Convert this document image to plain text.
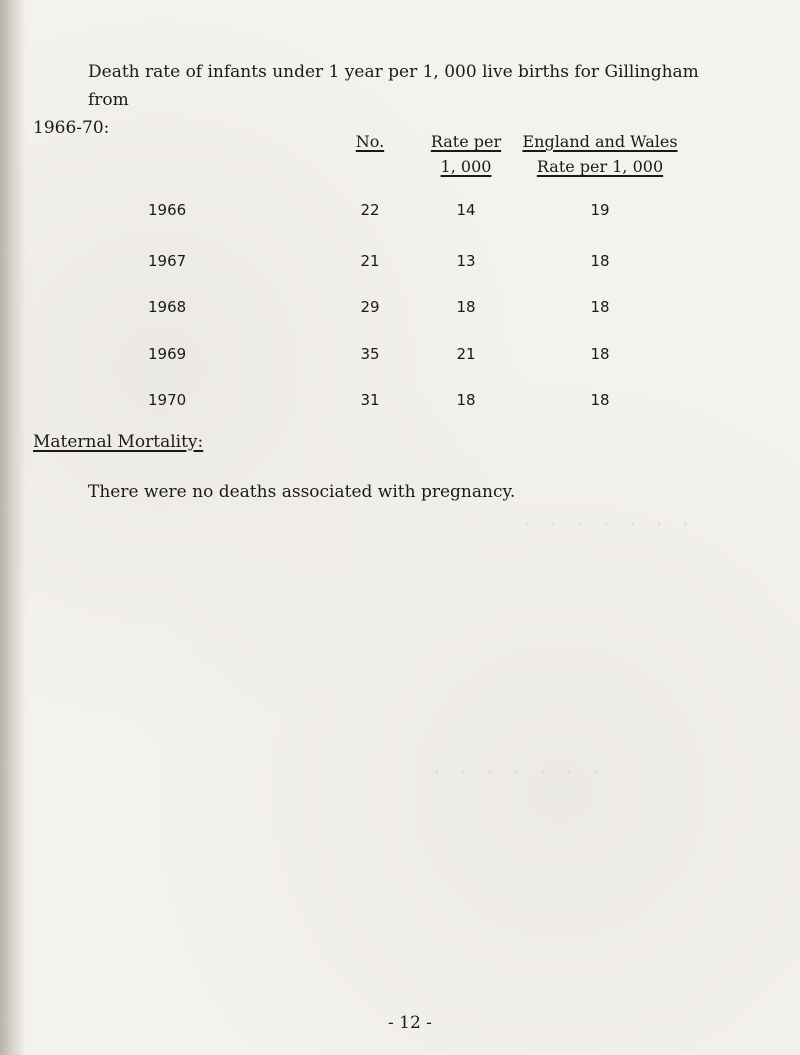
· · · · · · ·
· · · · · · ·
Death rate of infants under 1 year per 1, 000 live births for Gillingham from
1966-70:
No.	Rate per
1, 000
England and Wales
Rate per 1, 000
1966	22	14	19
1967	21	13	18
1968	29	18	18
1969	35	21	18
1970	31	18	18
Maternal Mortality:
There were no deaths associated with pregnancy.
- 12 -
